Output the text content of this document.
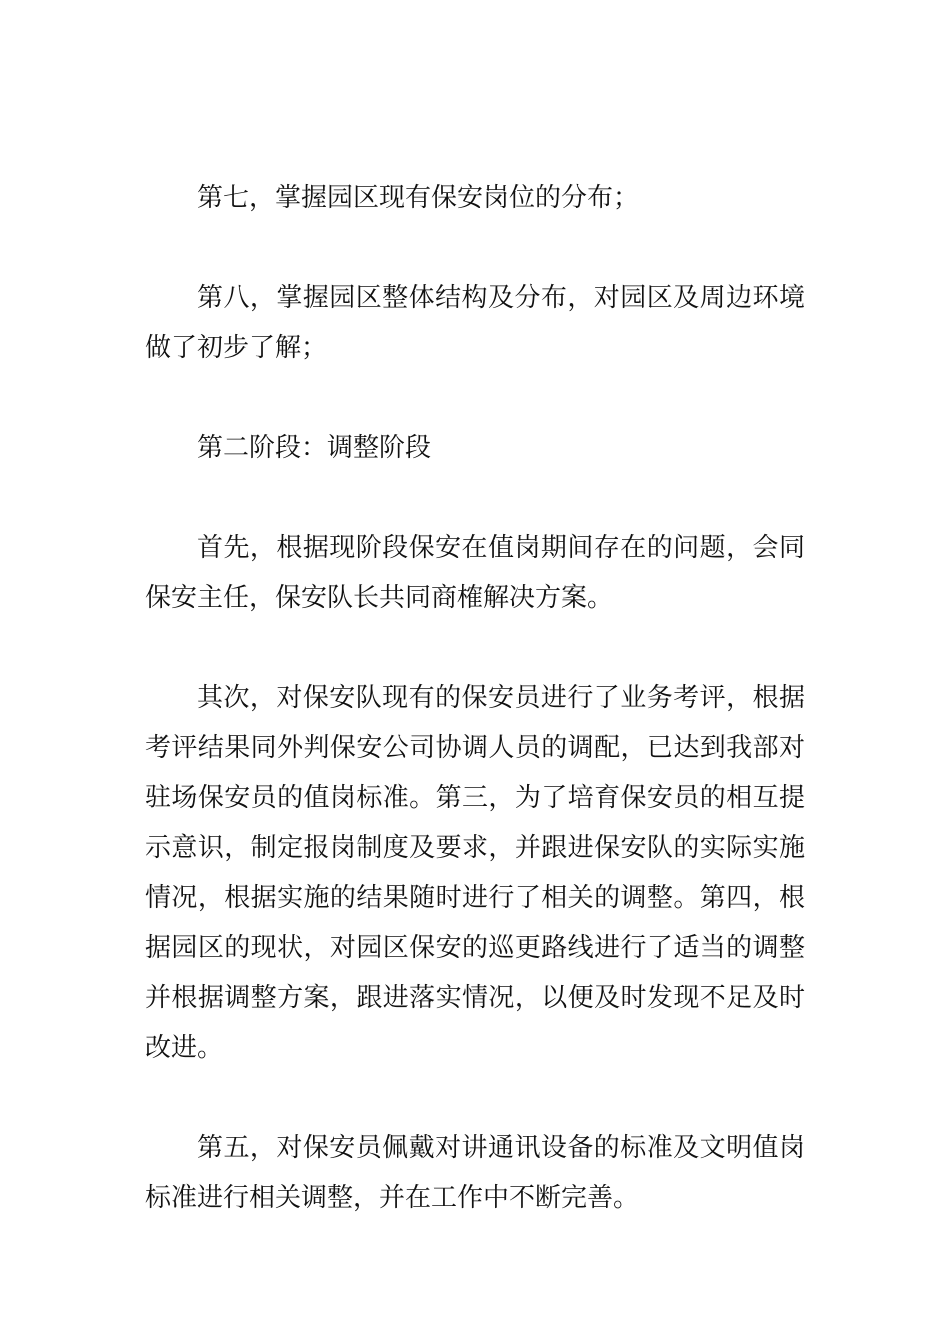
第七，掌握园区现有保安岗位的分布；

第八，掌握园区整体结构及分布，对园区及周边环境做了初步了解；

第二阶段：调整阶段

首先，根据现阶段保安在值岗期间存在的问题，会同保安主任，保安队长共同商榷解决方案。

其次，对保安队现有的保安员进行了业务考评，根据考评结果同外判保安公司协调人员的调配，已达到我部对驻场保安员的值岗标准。第三，为了培育保安员的相互提示意识，制定报岗制度及要求，并跟进保安队的实际实施情况，根据实施的结果随时进行了相关的调整。第四，根据园区的现状，对园区保安的巡更路线进行了适当的调整并根据调整方案，跟进落实情况，以便及时发现不足及时改进。

第五，对保安员佩戴对讲通讯设备的标准及文明值岗标准进行相关调整，并在工作中不断完善。
